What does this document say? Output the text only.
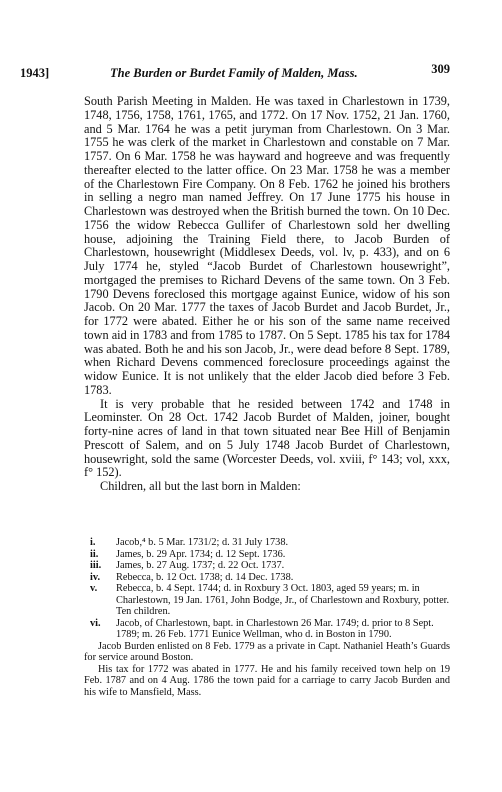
1943]	The Burden or Burdet Family of Malden, Mass.	309

South Parish Meeting in Malden. He was taxed in Charlestown in 1739, 1748, 1756, 1758, 1761, 1765, and 1772. On 17 Nov. 1752, 21 Jan. 1760, and 5 Mar. 1764 he was a petit juryman from Charlestown. On 3 Mar. 1755 he was clerk of the market in Charlestown and constable on 7 Mar. 1757. On 6 Mar. 1758 he was hayward and hogreeve and was frequently thereafter elected to the latter office. On 23 Mar. 1758 he was a member of the Charlestown Fire Company. On 8 Feb. 1762 he joined his brothers in selling a negro man named Jeffrey. On 17 June 1775 his house in Charlestown was destroyed when the British burned the town. On 10 Dec. 1756 the widow Rebecca Gullifer of Charlestown sold her dwelling house, adjoining the Training Field there, to Jacob Burden of Charlestown, housewright (Middlesex Deeds, vol. lv, p. 433), and on 6 July 1774 he, styled “Jacob Burdet of Charlestown housewright”, mortgaged the premises to Richard Devens of the same town. On 3 Feb. 1790 Devens foreclosed this mortgage against Eunice, widow of his son Jacob. On 20 Mar. 1777 the taxes of Jacob Burdet and Jacob Burdet, Jr., for 1772 were abated. Either he or his son of the same name received town aid in 1783 and from 1785 to 1787. On 5 Sept. 1785 his tax for 1784 was abated. Both he and his son Jacob, Jr., were dead before 8 Sept. 1789, when Richard Devens commenced foreclosure proceedings against the widow Eunice. It is not unlikely that the elder Jacob died before 3 Feb. 1783.

It is very probable that he resided between 1742 and 1748 in Leominster. On 28 Oct. 1742 Jacob Burdet of Malden, joiner, bought forty-nine acres of land in that town situated near Bee Hill of Benjamin Prescott of Salem, and on 5 July 1748 Jacob Burdet of Charlestown, housewright, sold the same (Worcester Deeds, vol. xviii, f° 143; vol, xxx, f° 152).

Children, all but the last born in Malden:

i.	Jacob,⁴ b. 5 Mar. 1731/2; d. 31 July 1738.
ii.	James, b. 29 Apr. 1734; d. 12 Sept. 1736.
iii.	James, b. 27 Aug. 1737; d. 22 Oct. 1737.
iv.	Rebecca, b. 12 Oct. 1738; d. 14 Dec. 1738.
v.	Rebecca, b. 4 Sept. 1744; d. in Roxbury 3 Oct. 1803, aged 59 years; m. in Charlestown, 19 Jan. 1761, John Bodge, Jr., of Charlestown and Roxbury, potter. Ten children.
vi.	Jacob, of Charlestown, bapt. in Charlestown 26 Mar. 1749; d. prior to 8 Sept. 1789; m. 26 Feb. 1771 Eunice Wellman, who d. in Boston in 1790.

Jacob Burden enlisted on 8 Feb. 1779 as a private in Capt. Nathaniel Heath’s Guards for service around Boston.

His tax for 1772 was abated in 1777. He and his family received town help on 19 Feb. 1787 and on 4 Aug. 1786 the town paid for a carriage to carry Jacob Burden and his wife to Mansfield, Mass.
